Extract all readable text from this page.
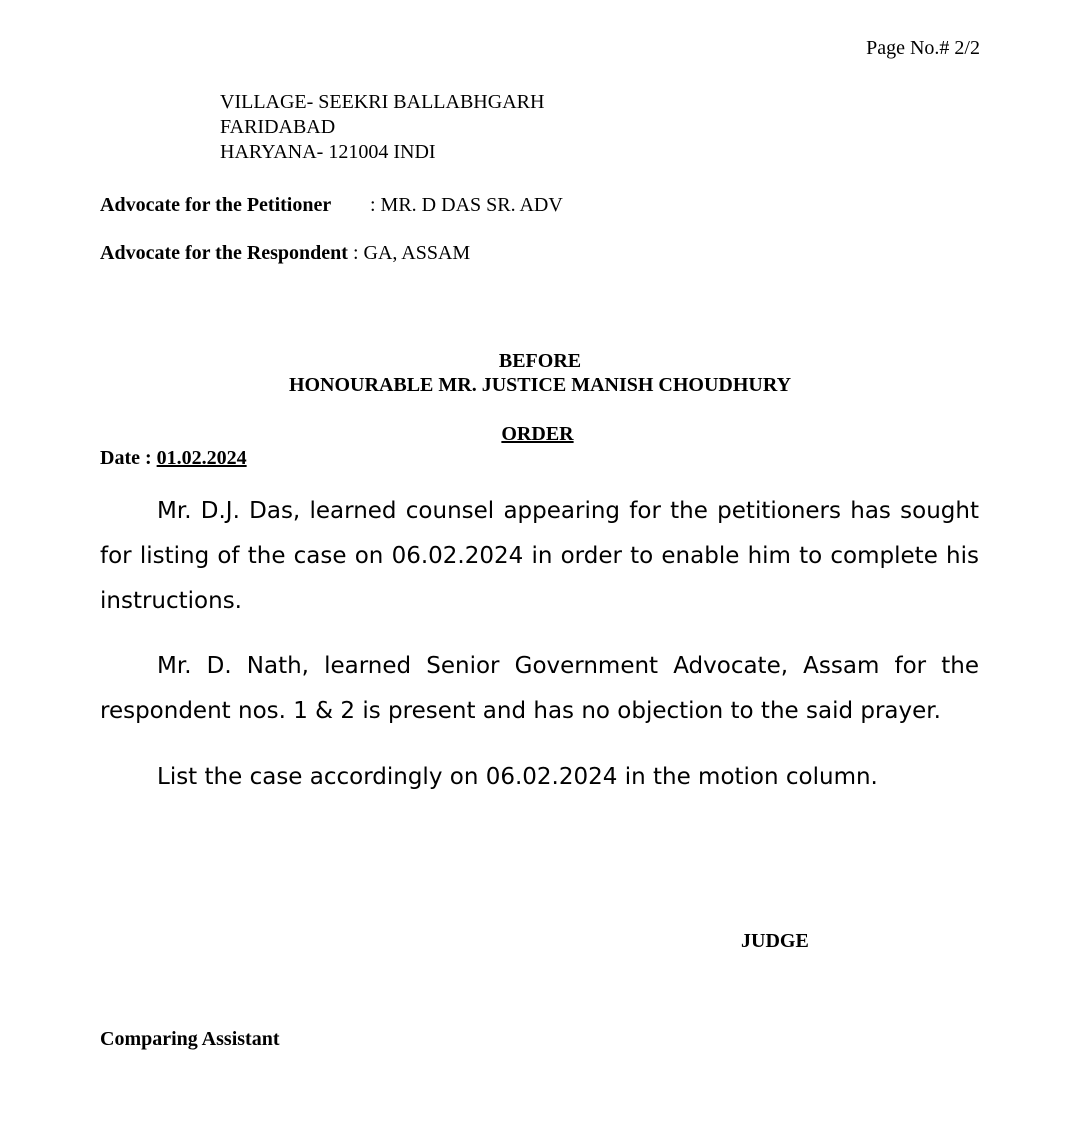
Page No.# 2/2
VILLAGE- SEEKRI BALLABHGARH
FARIDABAD
HARYANA- 121004 INDI
Advocate for the Petitioner : MR. D DAS SR. ADV
Advocate for the Respondent : GA, ASSAM
BEFORE
HONOURABLE MR. JUSTICE MANISH CHOUDHURY
ORDER
Date : 01.02.2024

Mr. D.J. Das, learned counsel appearing for the petitioners has sought for listing of the case on 06.02.2024 in order to enable him to complete his instructions.

Mr. D. Nath, learned Senior Government Advocate, Assam for the respondent nos. 1 & 2 is present and has no objection to the said prayer.

List the case accordingly on 06.02.2024 in the motion column.

JUDGE
Comparing Assistant
